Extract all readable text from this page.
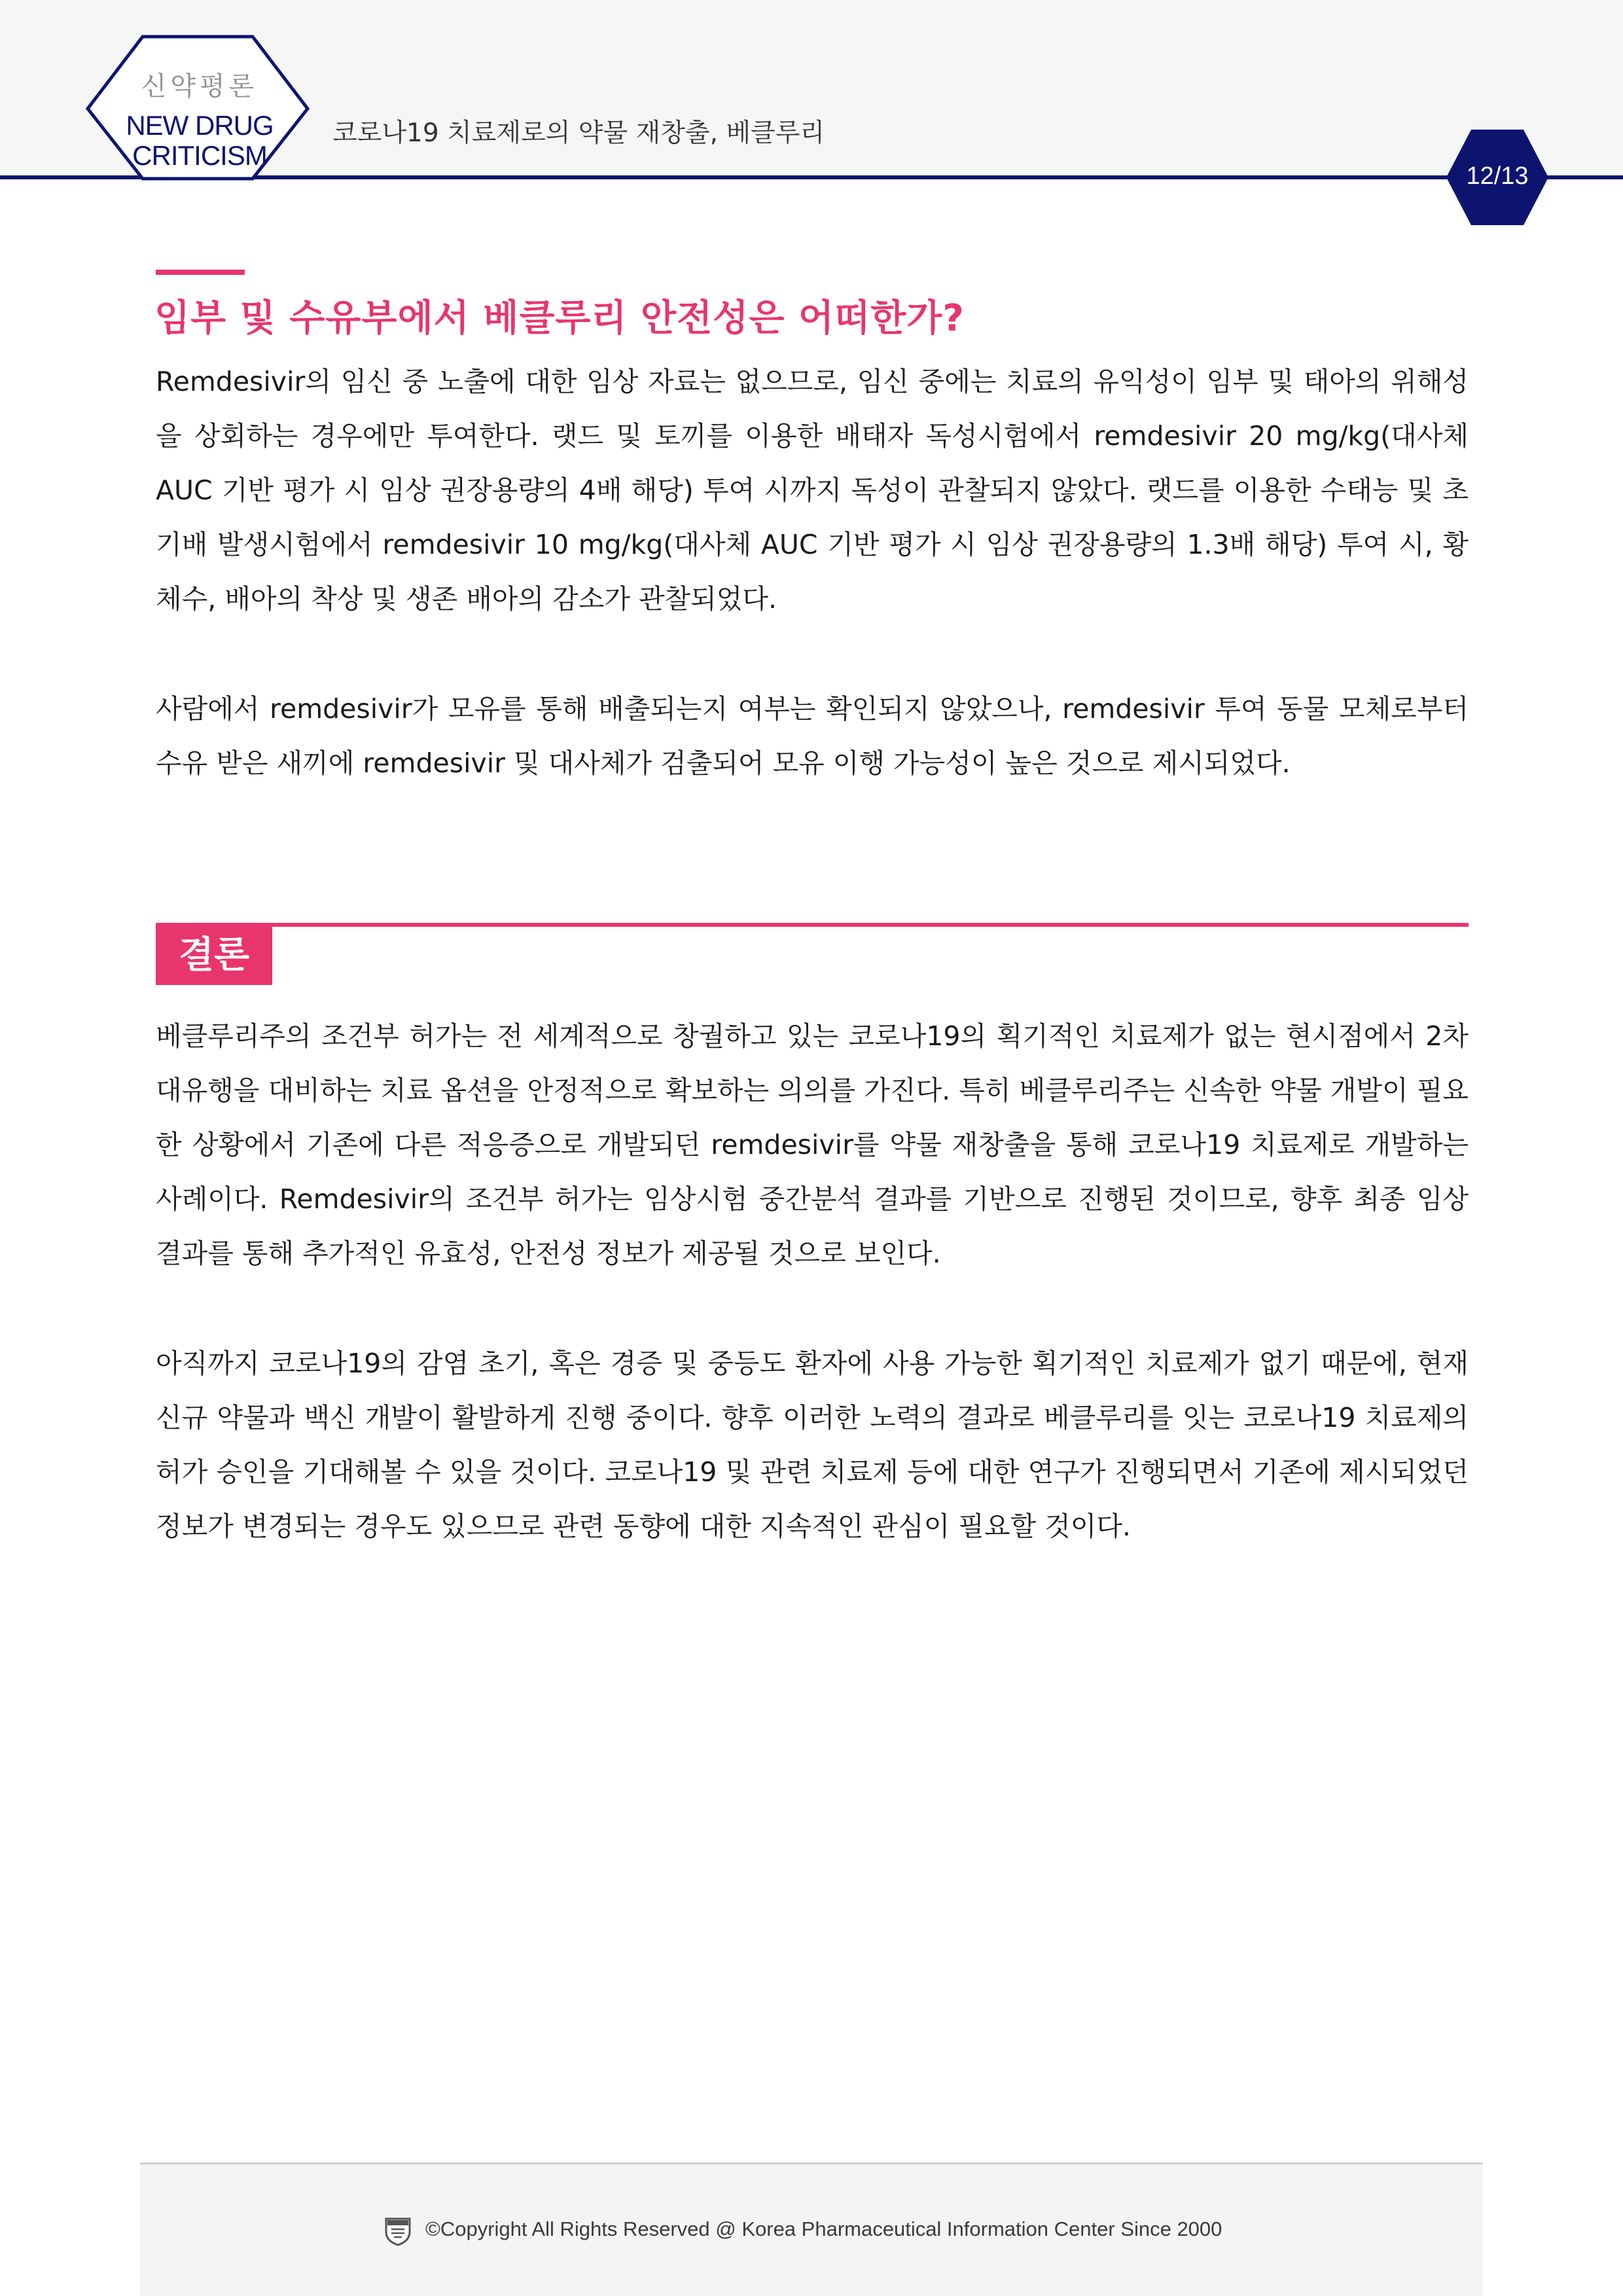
신약평론

NEW DRUG

CRITICISM

코로나19 치료제로의 약물 재창출, 베클루리

12/13

임부 및 수유부에서 베클루리 안전성은 어떠한가?

Remdesivir의 임신 중 노출에 대한 임상 자료는 없으므로, 임신 중에는 치료의 유익성이 임부 및 태아의 위해성을 상회하는 경우에만 투여한다. 랫드 및 토끼를 이용한 배태자 독성시험에서 remdesivir 20 mg/kg(대사체 AUC 기반 평가 시 임상 권장용량의 4배 해당) 투여 시까지 독성이 관찰되지 않았다. 랫드를 이용한 수태능 및 초기배 발생시험에서 remdesivir 10 mg/kg(대사체 AUC 기반 평가 시 임상 권장용량의 1.3배 해당) 투여 시, 황체수, 배아의 착상 및 생존 배아의 감소가 관찰되었다.

사람에서 remdesivir가 모유를 통해 배출되는지 여부는 확인되지 않았으나, remdesivir 투여 동물 모체로부터 수유 받은 새끼에 remdesivir 및 대사체가 검출되어 모유 이행 가능성이 높은 것으로 제시되었다.

결론

베클루리주의 조건부 허가는 전 세계적으로 창궐하고 있는 코로나19의 획기적인 치료제가 없는 현시점에서 2차 대유행을 대비하는 치료 옵션을 안정적으로 확보하는 의의를 가진다. 특히 베클루리주는 신속한 약물 개발이 필요한 상황에서 기존에 다른 적응증으로 개발되던 remdesivir를 약물 재창출을 통해 코로나19 치료제로 개발하는 사례이다. Remdesivir의 조건부 허가는 임상시험 중간분석 결과를 기반으로 진행된 것이므로, 향후 최종 임상 결과를 통해 추가적인 유효성, 안전성 정보가 제공될 것으로 보인다.

아직까지 코로나19의 감염 초기, 혹은 경증 및 중등도 환자에 사용 가능한 획기적인 치료제가 없기 때문에, 현재 신규 약물과 백신 개발이 활발하게 진행 중이다. 향후 이러한 노력의 결과로 베클루리를 잇는 코로나19 치료제의 허가 승인을 기대해볼 수 있을 것이다. 코로나19 및 관련 치료제 등에 대한 연구가 진행되면서 기존에 제시되었던 정보가 변경되는 경우도 있으므로 관련 동향에 대한 지속적인 관심이 필요할 것이다.

©Copyright All Rights Reserved @ Korea Pharmaceutical Information Center Since 2000
